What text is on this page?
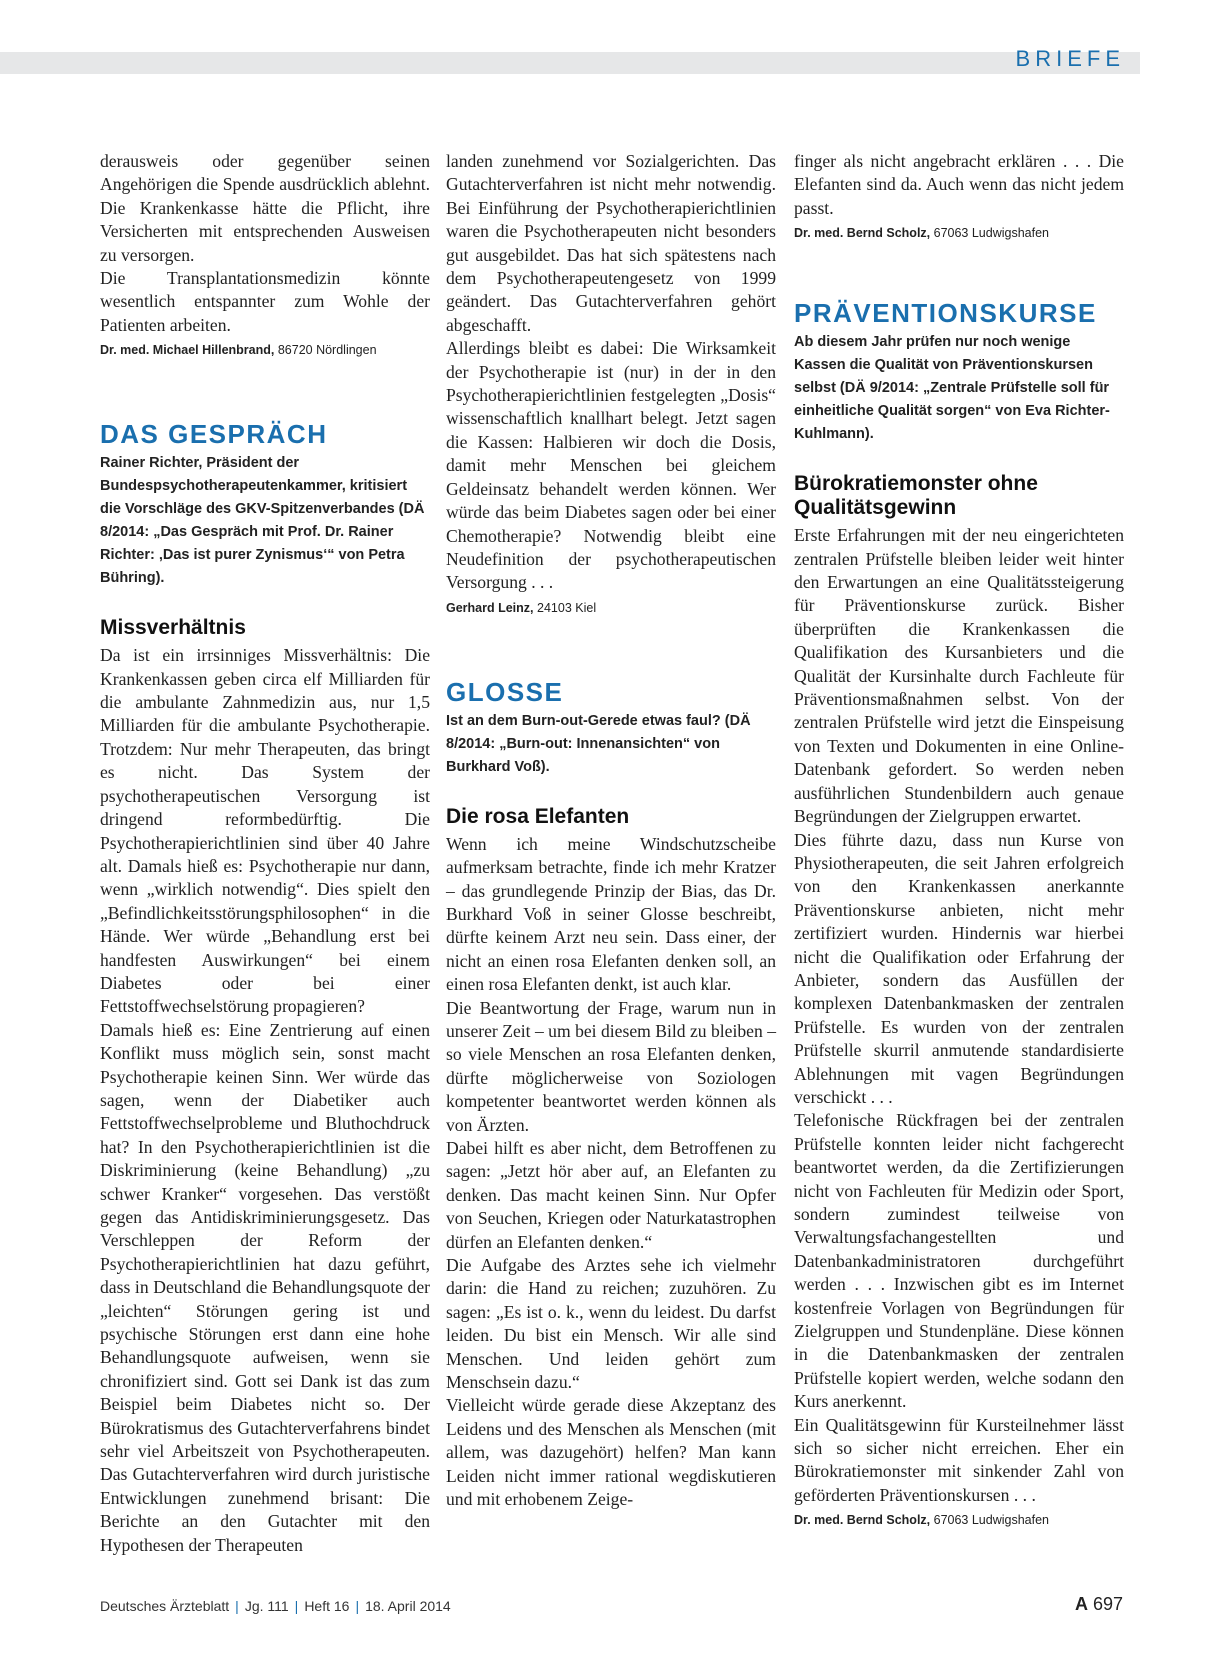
BRIEFE

derausweis oder gegenüber seinen Angehörigen die Spende ausdrücklich ablehnt. Die Krankenkasse hätte die Pflicht, ihre Versicherten mit entsprechenden Ausweisen zu versorgen.

Die Transplantationsmedizin könnte wesentlich entspannter zum Wohle der Patienten arbeiten.

Dr. med. Michael Hillenbrand, 86720 Nördlingen

DAS GESPRÄCH

Rainer Richter, Präsident der Bundespsychotherapeutenkammer, kritisiert die Vorschläge des GKV-Spitzenverbandes (DÄ 8/2014: „Das Gespräch mit Prof. Dr. Rainer Richter: ‚Das ist purer Zynismus‘“ von Petra Bühring).

Missverhältnis

Da ist ein irrsinniges Missverhältnis: Die Krankenkassen geben circa elf Milliarden für die ambulante Zahnmedizin aus, nur 1,5 Milliarden für die ambulante Psychotherapie. Trotzdem: Nur mehr Therapeuten, das bringt es nicht. Das System der psychotherapeutischen Versorgung ist dringend reformbedürftig. Die Psychotherapierichtlinien sind über 40 Jahre alt. Damals hieß es: Psychotherapie nur dann, wenn „wirklich notwendig“. Dies spielt den „Befindlichkeitsstörungsphilosophen“ in die Hände. Wer würde „Behandlung erst bei handfesten Auswirkungen“ bei einem Diabetes oder bei einer Fettstoffwechselstörung propagieren?

Damals hieß es: Eine Zentrierung auf einen Konflikt muss möglich sein, sonst macht Psychotherapie keinen Sinn. Wer würde das sagen, wenn der Diabetiker auch Fettstoffwechselprobleme und Bluthochdruck hat? In den Psychotherapierichtlinien ist die Diskriminierung (keine Behandlung) „zu schwer Kranker“ vorgesehen. Das verstößt gegen das Antidiskriminierungsgesetz. Das Verschleppen der Reform der Psychotherapierichtlinien hat dazu geführt, dass in Deutschland die Behandlungsquote der „leichten“ Störungen gering ist und psychische Störungen erst dann eine hohe Behandlungsquote aufweisen, wenn sie chronifiziert sind. Gott sei Dank ist das zum Beispiel beim Diabetes nicht so. Der Bürokratismus des Gutachterverfahrens bindet sehr viel Arbeitszeit von Psychotherapeuten. Das Gutachterverfahren wird durch juristische Entwicklungen zunehmend brisant: Die Berichte an den Gutachter mit den Hypothesen der Therapeuten

landen zunehmend vor Sozialgerichten. Das Gutachterverfahren ist nicht mehr notwendig. Bei Einführung der Psychotherapierichtlinien waren die Psychotherapeuten nicht besonders gut ausgebildet. Das hat sich spätestens nach dem Psychotherapeutengesetz von 1999 geändert. Das Gutachterverfahren gehört abgeschafft.

Allerdings bleibt es dabei: Die Wirksamkeit der Psychotherapie ist (nur) in der in den Psychotherapierichtlinien festgelegten „Dosis“ wissenschaftlich knallhart belegt. Jetzt sagen die Kassen: Halbieren wir doch die Dosis, damit mehr Menschen bei gleichem Geldeinsatz behandelt werden können. Wer würde das beim Diabetes sagen oder bei einer Chemotherapie? Notwendig bleibt eine Neudefinition der psychotherapeutischen Versorgung . . .

Gerhard Leinz, 24103 Kiel

GLOSSE

Ist an dem Burn-out-Gerede etwas faul? (DÄ 8/2014: „Burn-out: Innenansichten“ von Burkhard Voß).

Die rosa Elefanten

Wenn ich meine Windschutzscheibe aufmerksam betrachte, finde ich mehr Kratzer – das grundlegende Prinzip der Bias, das Dr. Burkhard Voß in seiner Glosse beschreibt, dürfte keinem Arzt neu sein. Dass einer, der nicht an einen rosa Elefanten denken soll, an einen rosa Elefanten denkt, ist auch klar.

Die Beantwortung der Frage, warum nun in unserer Zeit – um bei diesem Bild zu bleiben – so viele Menschen an rosa Elefanten denken, dürfte möglicherweise von Soziologen kompetenter beantwortet werden können als von Ärzten.

Dabei hilft es aber nicht, dem Betroffenen zu sagen: „Jetzt hör aber auf, an Elefanten zu denken. Das macht keinen Sinn. Nur Opfer von Seuchen, Kriegen oder Naturkatastrophen dürfen an Elefanten denken.“

Die Aufgabe des Arztes sehe ich vielmehr darin: die Hand zu reichen; zuzuhören. Zu sagen: „Es ist o. k., wenn du leidest. Du darfst leiden. Du bist ein Mensch. Wir alle sind Menschen. Und leiden gehört zum Menschsein dazu.“

Vielleicht würde gerade diese Akzeptanz des Leidens und des Menschen als Menschen (mit allem, was dazugehört) helfen? Man kann Leiden nicht immer rational wegdiskutieren und mit erhobenem Zeige-

finger als nicht angebracht erklären . . . Die Elefanten sind da. Auch wenn das nicht jedem passt.

Dr. med. Bernd Scholz, 67063 Ludwigshafen

PRÄVENTIONSKURSE

Ab diesem Jahr prüfen nur noch wenige Kassen die Qualität von Präventionskursen selbst (DÄ 9/2014: „Zentrale Prüfstelle soll für einheitliche Qualität sorgen“ von Eva Richter-Kuhlmann).

Bürokratiemonster ohne Qualitätsgewinn

Erste Erfahrungen mit der neu eingerichteten zentralen Prüfstelle bleiben leider weit hinter den Erwartungen an eine Qualitätssteigerung für Präventionskurse zurück. Bisher überprüften die Krankenkassen die Qualifikation des Kursanbieters und die Qualität der Kursinhalte durch Fachleute für Präventionsmaßnahmen selbst. Von der zentralen Prüfstelle wird jetzt die Einspeisung von Texten und Dokumenten in eine Online-Datenbank gefordert. So werden neben ausführlichen Stundenbildern auch genaue Begründungen der Zielgruppen erwartet.

Dies führte dazu, dass nun Kurse von Physiotherapeuten, die seit Jahren erfolgreich von den Krankenkassen anerkannte Präventionskurse anbieten, nicht mehr zertifiziert wurden. Hindernis war hierbei nicht die Qualifikation oder Erfahrung der Anbieter, sondern das Ausfüllen der komplexen Datenbankmasken der zentralen Prüfstelle. Es wurden von der zentralen Prüfstelle skurril anmutende standardisierte Ablehnungen mit vagen Begründungen verschickt . . .

Telefonische Rückfragen bei der zentralen Prüfstelle konnten leider nicht fachgerecht beantwortet werden, da die Zertifizierungen nicht von Fachleuten für Medizin oder Sport, sondern zumindest teilweise von Verwaltungsfachangestellten und Datenbankadministratoren durchgeführt werden . . . Inzwischen gibt es im Internet kostenfreie Vorlagen von Begründungen für Zielgruppen und Stundenpläne. Diese können in die Datenbankmasken der zentralen Prüfstelle kopiert werden, welche sodann den Kurs anerkennt.

Ein Qualitätsgewinn für Kursteilnehmer lässt sich so sicher nicht erreichen. Eher ein Bürokratiemonster mit sinkender Zahl von geförderten Präventionskursen . . .

Dr. med. Bernd Scholz, 67063 Ludwigshafen

Deutsches Ärzteblatt | Jg. 111 | Heft 16 | 18. April 2014	A 697
